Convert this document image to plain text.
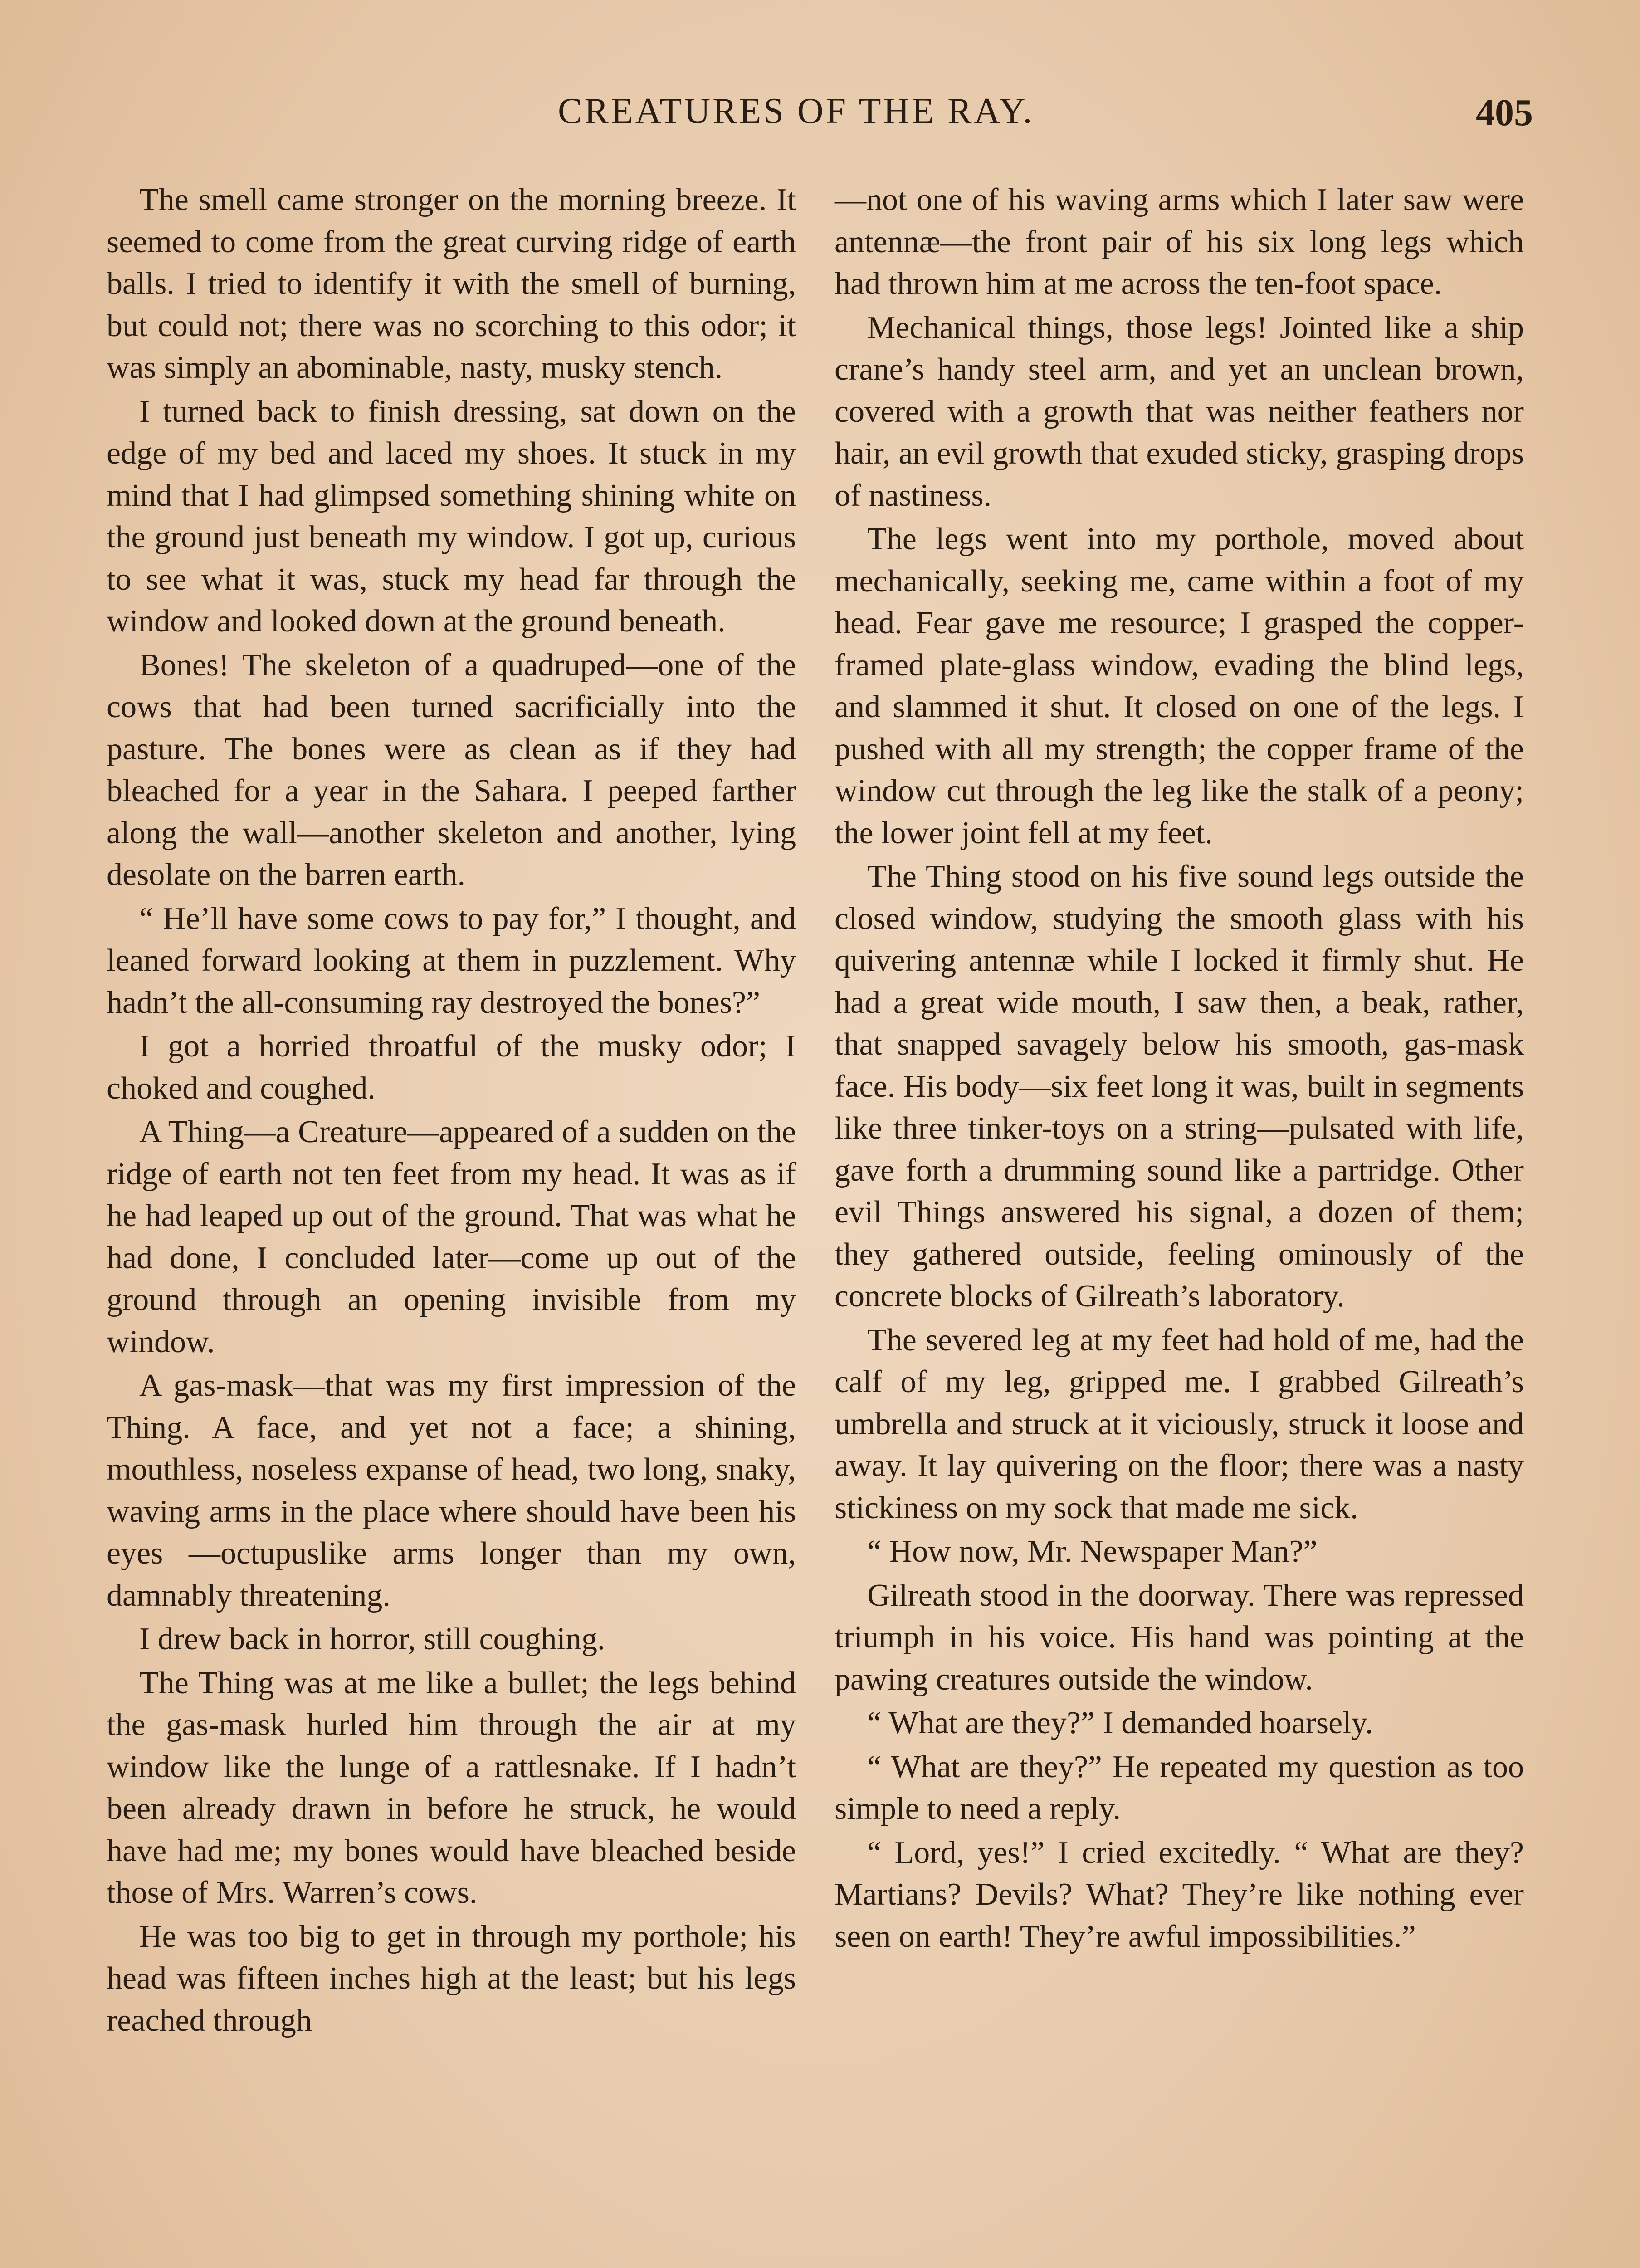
CREATURES OF THE RAY.	405

The smell came stronger on the morning breeze. It seemed to come from the great curving ridge of earth balls. I tried to identify it with the smell of burning, but could not; there was no scorching to this odor; it was simply an abominable, nasty, musky stench.

I turned back to finish dressing, sat down on the edge of my bed and laced my shoes. It stuck in my mind that I had glimpsed something shining white on the ground just beneath my window. I got up, curious to see what it was, stuck my head far through the window and looked down at the ground beneath.

Bones! The skeleton of a quadruped—one of the cows that had been turned sacrificially into the pasture. The bones were as clean as if they had bleached for a year in the Sahara. I peeped farther along the wall—another skeleton and another, lying desolate on the barren earth.

“ He’ll have some cows to pay for,” I thought, and leaned forward looking at them in puzzlement. Why hadn’t the all-consuming ray destroyed the bones?”

I got a horried throatful of the musky odor; I choked and coughed.

A Thing—a Creature—appeared of a sudden on the ridge of earth not ten feet from my head. It was as if he had leaped up out of the ground. That was what he had done, I concluded later—come up out of the ground through an opening invisible from my window.

A gas-mask—that was my first impression of the Thing. A face, and yet not a face; a shining, mouthless, noseless expanse of head, two long, snaky, waving arms in the place where should have been his eyes —octupuslike arms longer than my own, damnably threatening.

I drew back in horror, still coughing.

The Thing was at me like a bullet; the legs behind the gas-mask hurled him through the air at my window like the lunge of a rattlesnake. If I hadn’t been already drawn in before he struck, he would have had me; my bones would have bleached beside those of Mrs. Warren’s cows.

He was too big to get in through my porthole; his head was fifteen inches high at the least; but his legs reached through

—not one of his waving arms which I later saw were antennæ—the front pair of his six long legs which had thrown him at me across the ten-foot space.

Mechanical things, those legs! Jointed like a ship crane’s handy steel arm, and yet an unclean brown, covered with a growth that was neither feathers nor hair, an evil growth that exuded sticky, grasping drops of nastiness.

The legs went into my porthole, moved about mechanically, seeking me, came within a foot of my head. Fear gave me resource; I grasped the copper-framed plate-glass window, evading the blind legs, and slammed it shut. It closed on one of the legs. I pushed with all my strength; the copper frame of the window cut through the leg like the stalk of a peony; the lower joint fell at my feet.

The Thing stood on his five sound legs outside the closed window, studying the smooth glass with his quivering antennæ while I locked it firmly shut. He had a great wide mouth, I saw then, a beak, rather, that snapped savagely below his smooth, gas-mask face. His body—six feet long it was, built in segments like three tinker-toys on a string—pulsated with life, gave forth a drumming sound like a partridge. Other evil Things answered his signal, a dozen of them; they gathered outside, feeling ominously of the concrete blocks of Gilreath’s laboratory.

The severed leg at my feet had hold of me, had the calf of my leg, gripped me. I grabbed Gilreath’s umbrella and struck at it viciously, struck it loose and away. It lay quivering on the floor; there was a nasty stickiness on my sock that made me sick.

“ How now, Mr. Newspaper Man?”

Gilreath stood in the doorway. There was repressed triumph in his voice. His hand was pointing at the pawing creatures outside the window.

“ What are they?” I demanded hoarsely.

“ What are they?” He repeated my question as too simple to need a reply.

“ Lord, yes!” I cried excitedly. “ What are they? Martians? Devils? What? They’re like nothing ever seen on earth! They’re awful impossibilities.”
